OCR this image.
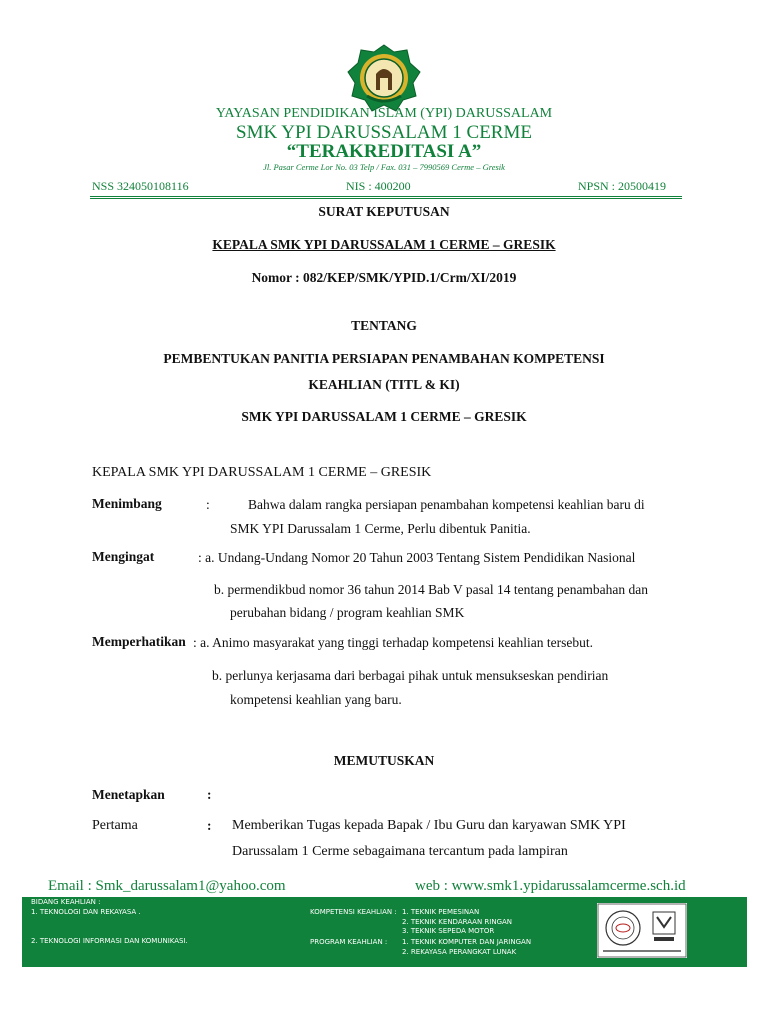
YAYASAN PENDIDIKAN ISLAM (YPI) DARUSSALAM
SMK YPI DARUSSALAM 1 CERME
“TERAKREDITASI A”
Jl. Pasar Cerme Lor No. 03 Telp / Fax. 031 – 7990569 Cerme – Gresik
NSS 324050108116	NIS : 400200	NPSN : 20500419
SURAT KEPUTUSAN
KEPALA SMK YPI DARUSSALAM 1 CERME – GRESIK
Nomor : 082/KEP/SMK/YPID.1/Crm/XI/2019
TENTANG
PEMBENTUKAN PANITIA PERSIAPAN PENAMBAHAN KOMPETENSI
KEAHLIAN (TITL & KI)
SMK YPI DARUSSALAM 1 CERME – GRESIK
KEPALA SMK YPI DARUSSALAM 1 CERME – GRESIK
Menimbang	:	Bahwa dalam rangka persiapan penambahan kompetensi keahlian baru di
SMK YPI Darussalam 1 Cerme, Perlu dibentuk Panitia.
Mengingat	: a. Undang-Undang Nomor 20 Tahun 2003 Tentang Sistem Pendidikan Nasional
b. permendikbud nomor 36 tahun 2014 Bab V pasal 14 tentang penambahan dan
perubahan bidang / program keahlian SMK
Memperhatikan : a. Animo masyarakat yang tinggi terhadap kompetensi keahlian tersebut.
b. perlunya kerjasama dari berbagai pihak untuk mensukseskan pendirian
kompetensi keahlian yang baru.
MEMUTUSKAN
Menetapkan	:
Pertama	: Memberikan Tugas kepada Bapak / Ibu Guru dan karyawan SMK YPI
Darussalam 1 Cerme sebagaimana tercantum pada lampiran
Email : Smk_darussalam1@yahoo.com	web : www.smk1.ypidarussalamcerme.sch.id
BIDANG KEAHLIAN :
1. TEKNOLOGI DAN REKAYASA .
2. TEKNOLOGI INFORMASI DAN KOMUNIKASI.
KOMPETENSI KEAHLIAN : 1. TEKNIK PEMESINAN
2. TEKNIK KENDARAAN RINGAN
3. TEKNIK SEPEDA MOTOR
PROGRAM KEAHLIAN : 1. TEKNIK KOMPUTER DAN JARINGAN
2. REKAYASA PERANGKAT LUNAK
